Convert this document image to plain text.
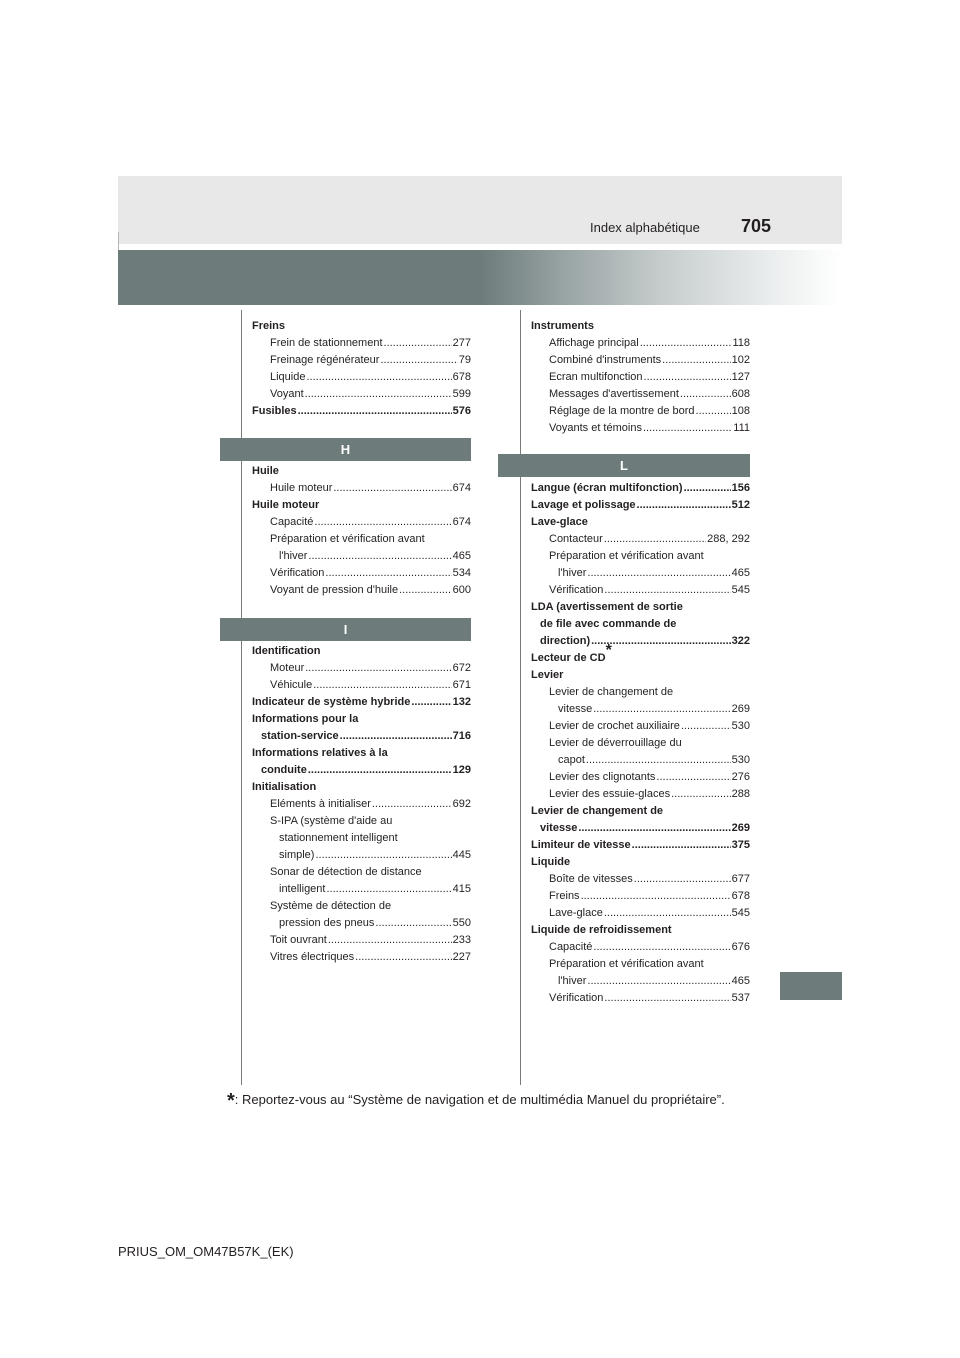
Index alphabétique 705
Freins
Frein de stationnement .....	277
Freinage régénérateur .....	79
Liquide .....	678
Voyant .....	599
Fusibles .....	576
H
Huile
Huile moteur .....	674
Huile moteur
Capacité .....	674
Préparation et vérification avant
l'hiver .....	465
Vérification .....	534
Voyant de pression d'huile .....	600
I
Identification
Moteur .....	672
Véhicule .....	671
Indicateur de système hybride .....	132
Informations pour la
station-service .....	716
Informations relatives à la
conduite .....	129
Initialisation
Eléments à initialiser .....	692
S-IPA (système d'aide au
stationnement intelligent
simple) .....	445
Sonar de détection de distance
intelligent .....	415
Système de détection de
pression des pneus .....	550
Toit ouvrant .....	233
Vitres électriques .....	227
Instruments
Affichage principal .....	118
Combiné d'instruments .....	102
Ecran multifonction .....	127
Messages d'avertissement .....	608
Réglage de la montre de bord .....	108
Voyants et témoins .....	111
L
Langue (écran multifonction) .....	156
Lavage et polissage .....	512
Lave-glace
Contacteur .....	288, 292
Préparation et vérification avant
l'hiver .....	465
Vérification .....	545
LDA (avertissement de sortie
de file avec commande de
direction) .....	322
Lecteur de CD*
Levier
Levier de changement de
vitesse .....	269
Levier de crochet auxiliaire .....	530
Levier de déverrouillage du
capot .....	530
Levier des clignotants .....	276
Levier des essuie-glaces .....	288
Levier de changement de
vitesse .....	269
Limiteur de vitesse .....	375
Liquide
Boîte de vitesses .....	677
Freins .....	678
Lave-glace .....	545
Liquide de refroidissement
Capacité .....	676
Préparation et vérification avant
l'hiver .....	465
Vérification .....	537
*: Reportez-vous au “Système de navigation et de multimédia Manuel du propriétaire”.
PRIUS_OM_OM47B57K_(EK)
